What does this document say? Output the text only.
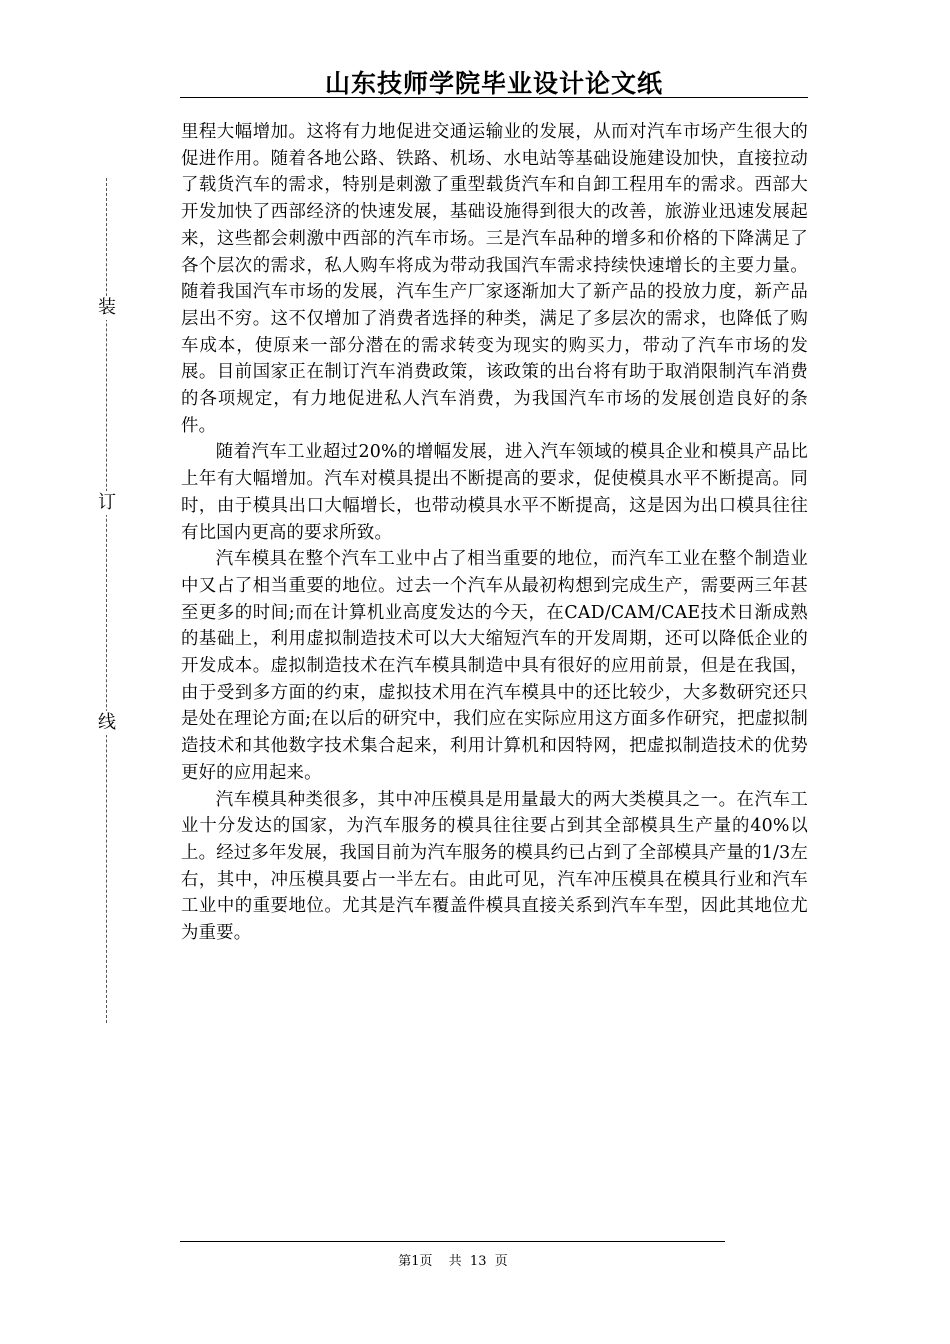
山东技师学院毕业设计论文纸
装
订
线

里程大幅增加。这将有力地促进交通运输业的发展，从而对汽车市场产生很大的促进作用。随着各地公路、铁路、机场、水电站等基础设施建设加快，直接拉动了载货汽车的需求，特别是刺激了重型载货汽车和自卸工程用车的需求。西部大开发加快了西部经济的快速发展，基础设施得到很大的改善，旅游业迅速发展起来，这些都会刺激中西部的汽车市场。三是汽车品种的增多和价格的下降满足了各个层次的需求，私人购车将成为带动我国汽车需求持续快速增长的主要力量。随着我国汽车市场的发展，汽车生产厂家逐渐加大了新产品的投放力度，新产品层出不穷。这不仅增加了消费者选择的种类，满足了多层次的需求，也降低了购车成本，使原来一部分潜在的需求转变为现实的购买力，带动了汽车市场的发展。目前国家正在制订汽车消费政策，该政策的出台将有助于取消限制汽车消费的各项规定，有力地促进私人汽车消费，为我国汽车市场的发展创造良好的条件。

随着汽车工业超过20%的增幅发展，进入汽车领域的模具企业和模具产品比上年有大幅增加。汽车对模具提出不断提高的要求，促使模具水平不断提高。同时，由于模具出口大幅增长，也带动模具水平不断提高，这是因为出口模具往往有比国内更高的要求所致。

汽车模具在整个汽车工业中占了相当重要的地位，而汽车工业在整个制造业中又占了相当重要的地位。过去一个汽车从最初构想到完成生产，需要两三年甚至更多的时间;而在计算机业高度发达的今天，在CAD/CAM/CAE技术日渐成熟的基础上，利用虚拟制造技术可以大大缩短汽车的开发周期，还可以降低企业的开发成本。虚拟制造技术在汽车模具制造中具有很好的应用前景，但是在我国，由于受到多方面的约束，虚拟技术用在汽车模具中的还比较少，大多数研究还只是处在理论方面;在以后的研究中，我们应在实际应用这方面多作研究，把虚拟制造技术和其他数字技术集合起来，利用计算机和因特网，把虚拟制造技术的优势更好的应用起来。

汽车模具种类很多，其中冲压模具是用量最大的两大类模具之一。在汽车工业十分发达的国家，为汽车服务的模具往往要占到其全部模具生产量的40%以上。经过多年发展，我国目前为汽车服务的模具约已占到了全部模具产量的1/3左右，其中，冲压模具要占一半左右。由此可见，汽车冲压模具在模具行业和汽车工业中的重要地位。尤其是汽车覆盖件模具直接关系到汽车车型，因此其地位尤为重要。

第1页 共  13  页
